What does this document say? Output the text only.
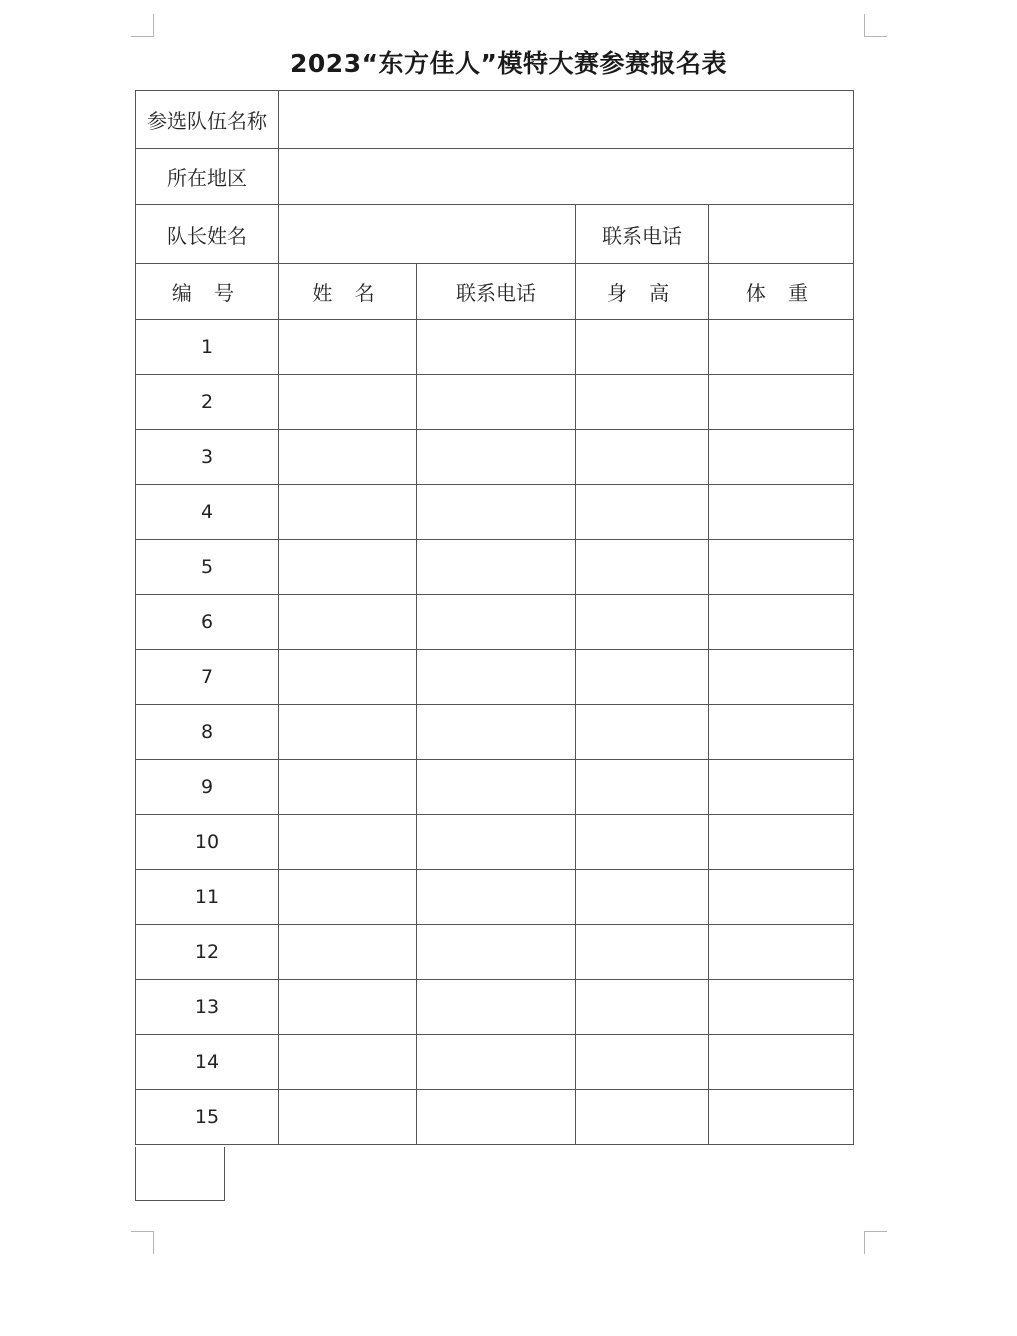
2023“东方佳人”模特大赛参赛报名表
参选队伍名称				
所在地区				
队长姓名			联系电话	
编 号	姓 名	联系电话	身 高	体 重
1				
2				
3				
4				
5				
6				
7				
8				
9				
10				
11				
12				
13				
14				
15				
